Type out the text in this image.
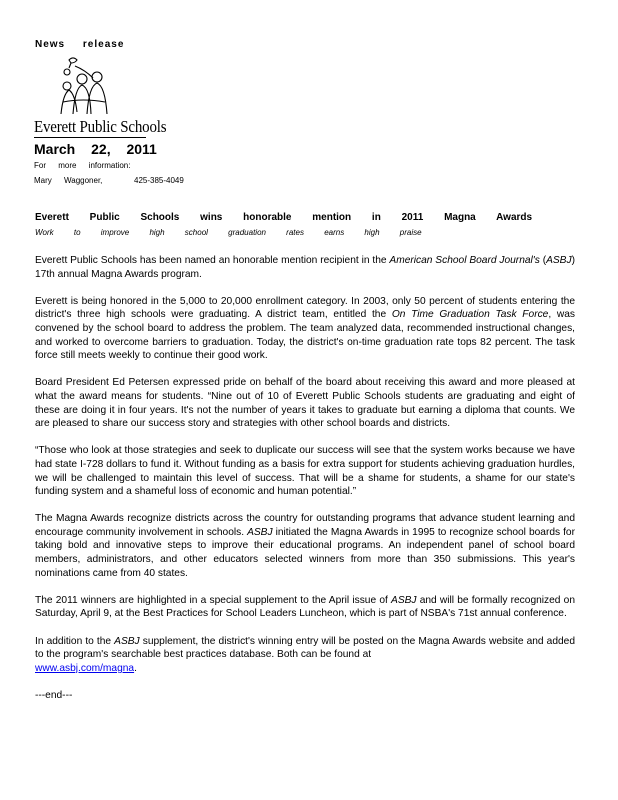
News release
Everett Public Schools
March 22, 2011
For more information:
Mary Waggoner,	425-385-4049
Everett Public Schools wins honorable mention in 2011 Magna Awards
Work to improve high school graduation rates earns high praise

Everett Public Schools has been named an honorable mention recipient in the American School Board Journal's (ASBJ) 17th annual Magna Awards program.

Everett is being honored in the 5,000 to 20,000 enrollment category. In 2003, only 50 percent of students entering the district's three high schools were graduating. A district team, entitled the On Time Graduation Task Force, was convened by the school board to address the problem. The team analyzed data, recommended instructional changes, and worked to overcome barriers to graduation. Today, the district's on-time graduation rate tops 82 percent. The task force still meets weekly to continue their good work.

Board President Ed Petersen expressed pride on behalf of the board about receiving this award and more pleased at what the award means for students. “Nine out of 10 of Everett Public Schools students are graduating and eight of these are doing it in four years. It's not the number of years it takes to graduate but earning a diploma that counts. We are pleased to share our success story and strategies with other school boards and districts.

“Those who look at those strategies and seek to duplicate our success will see that the system works because we have had state I-728 dollars to fund it. Without funding as a basis for extra support for students achieving graduation hurdles, we will be challenged to maintain this level of success. That will be a shame for students, a shame for our state's funding system and a shameful loss of economic and human potential.”

The Magna Awards recognize districts across the country for outstanding programs that advance student learning and encourage community involvement in schools. ASBJ initiated the Magna Awards in 1995 to recognize school boards for taking bold and innovative steps to improve their educational programs. An independent panel of school board members, administrators, and other educators selected winners from more than 350 submissions. This year's nominations came from 40 states.

The 2011 winners are highlighted in a special supplement to the April issue of ASBJ and will be formally recognized on Saturday, April 9, at the Best Practices for School Leaders Luncheon, which is part of NSBA's 71st annual conference.

In addition to the ASBJ supplement, the district's winning entry will be posted on the Magna Awards website and added to the program's searchable best practices database. Both can be found at
www.asbj.com/magna.

---end---
